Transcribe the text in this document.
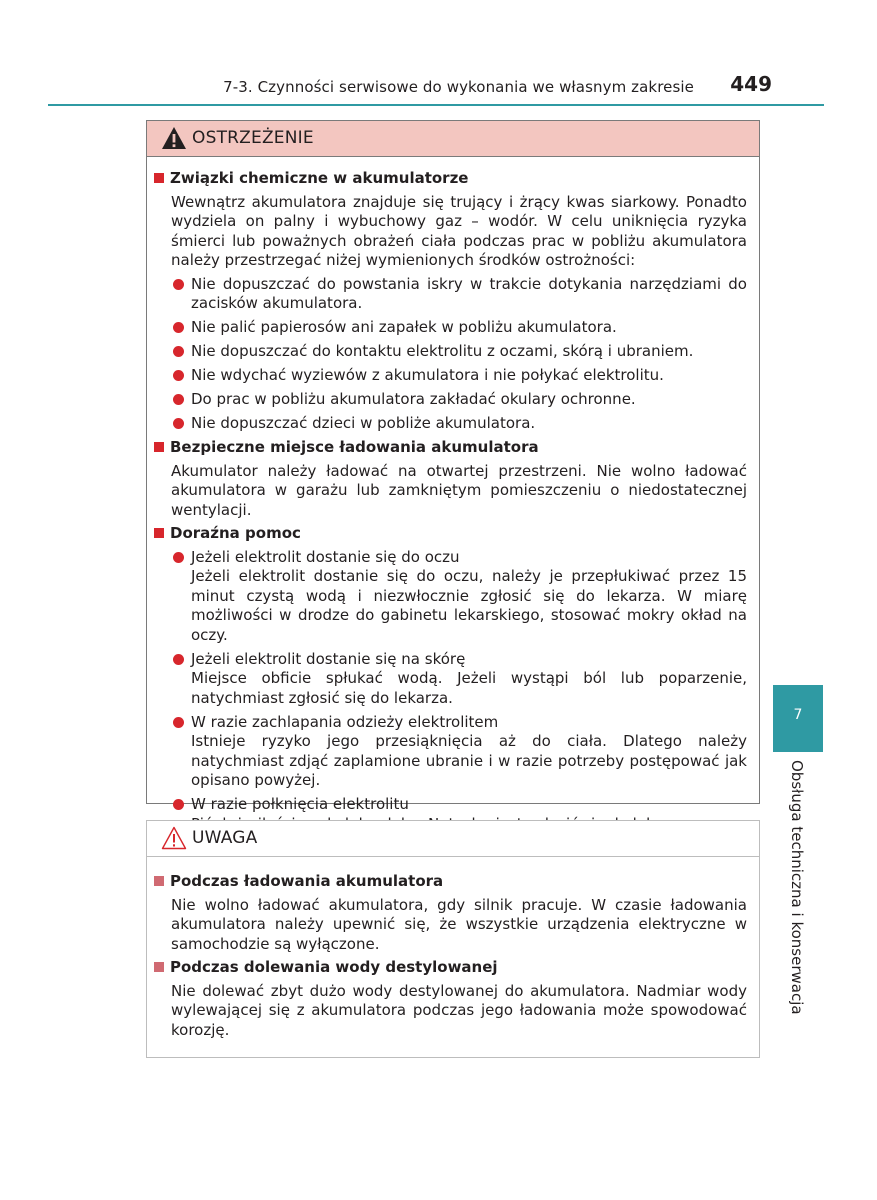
7-3. Czynności serwisowe do wykonania we własnym zakresie 449
7
Obsługa techniczna i konserwacja
OSTRZEŻENIE
Związki chemiczne w akumulatorze
Wewnątrz akumulatora znajduje się trujący i żrący kwas siarkowy. Ponadto wydziela on palny i wybuchowy gaz – wodór. W celu uniknięcia ryzyka śmierci lub poważnych obrażeń ciała podczas prac w pobliżu akumulatora należy przestrzegać niżej wymienionych środków ostrożności:
Nie dopuszczać do powstania iskry w trakcie dotykania narzędziami do zacisków akumulatora.
Nie palić papierosów ani zapałek w pobliżu akumulatora.
Nie dopuszczać do kontaktu elektrolitu z oczami, skórą i ubraniem.
Nie wdychać wyziewów z akumulatora i nie połykać elektrolitu.
Do prac w pobliżu akumulatora zakładać okulary ochronne.
Nie dopuszczać dzieci w pobliże akumulatora.
Bezpieczne miejsce ładowania akumulatora
Akumulator należy ładować na otwartej przestrzeni. Nie wolno ładować akumulatora w garażu lub zamkniętym pomieszczeniu o niedostatecznej wentylacji.
Doraźna pomoc
Jeżeli elektrolit dostanie się do oczu
Jeżeli elektrolit dostanie się do oczu, należy je przepłukiwać przez 15 minut czystą wodą i niezwłocznie zgłosić się do lekarza. W miarę możliwości w drodze do gabinetu lekarskiego, stosować mokry okład na oczy.
Jeżeli elektrolit dostanie się na skórę
Miejsce obficie spłukać wodą. Jeżeli wystąpi ból lub poparzenie, natychmiast zgłosić się do lekarza.
W razie zachlapania odzieży elektrolitem
Istnieje ryzyko jego przesiąknięcia aż do ciała. Dlatego należy natychmiast zdjąć zaplamione ubranie i w razie potrzeby postępować jak opisano powyżej.
W razie połknięcia elektrolitu
UWAGA
Podczas ładowania akumulatora
Nie wolno ładować akumulatora, gdy silnik pracuje. W czasie ładowania akumulatora należy upewnić się, że wszystkie urządzenia elektryczne w samochodzie są wyłączone.
Podczas dolewania wody destylowanej
Nie dolewać zbyt dużo wody destylowanej do akumulatora. Nadmiar wody wylewającej się z akumulatora podczas jego ładowania może spowodować korozję.
